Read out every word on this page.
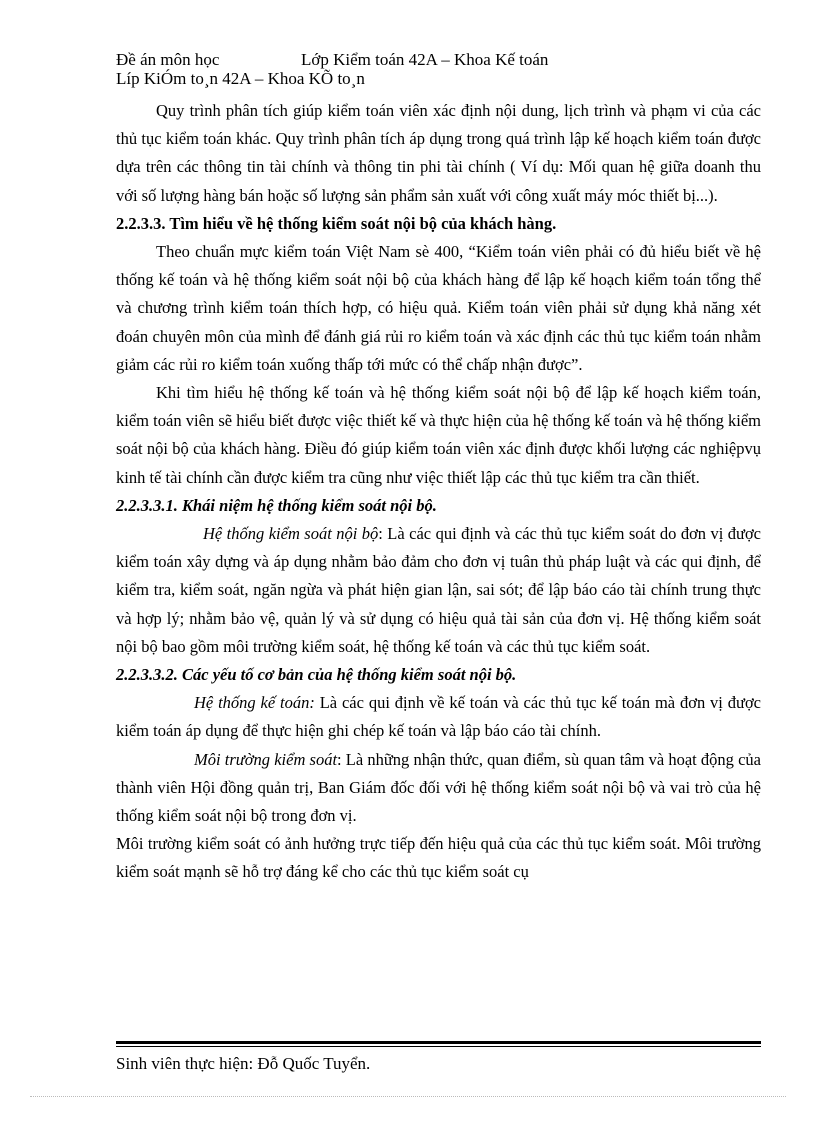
Đề án môn học	Lớp Kiểm toán 42A – Khoa Kế toán
Líp KiÓm to¸n 42A – Khoa KÕ to¸n

Quy trình phân tích giúp kiểm toán viên xác định nội dung, lịch trình và phạm vi của các thủ tục kiểm toán khác. Quy trình phân tích áp dụng trong quá trình lập kế hoạch kiểm toán được dựa trên các thông tin tài chính và thông tin phi tài chính ( Ví dụ: Mối quan hệ giữa doanh thu với số lượng hàng bán hoặc số lượng sản phẩm sản xuất với công xuất máy móc thiết bị...).

2.2.3.3. Tìm hiểu về hệ thống kiểm soát nội bộ của khách hàng.

Theo chuẩn mực kiểm toán Việt Nam sè 400, “Kiểm toán viên phải có đủ hiểu biết về hệ thống kế toán và hệ thống kiểm soát nội bộ của khách hàng để lập kế hoạch kiểm toán tổng thể và chương trình kiểm toán thích hợp, có hiệu quả. Kiểm toán viên phải sử dụng khả năng xét đoán chuyên môn của mình để đánh giá rủi ro kiểm toán và xác định các thủ tục kiểm toán nhằm giảm các rủi ro kiểm toán xuống thấp tới mức có thể chấp nhận được”.

Khi tìm hiểu hệ thống kế toán và hệ thống kiểm soát nội bộ để lập kế hoạch kiểm toán, kiểm toán viên sẽ hiểu biết được việc thiết kế và thực hiện của hệ thống kế toán và hệ thống kiểm soát nội bộ của khách hàng. Điều đó giúp kiểm toán viên xác định được khối lượng các nghiệpvụ kinh tế tài chính cần được kiểm tra cũng như việc thiết lập các thủ tục kiểm tra cần thiết.

2.2.3.3.1. Khái niệm hệ thống kiểm soát nội bộ.

Hệ thống kiểm soát nội bộ: Là các qui định và các thủ tục kiểm soát do đơn vị được kiểm toán xây dựng và áp dụng nhằm bảo đảm cho đơn vị tuân thủ pháp luật và các qui định, để kiểm tra, kiểm soát, ngăn ngừa và phát hiện gian lận, sai sót; để lập báo cáo tài chính trung thực và hợp lý; nhằm bảo vệ, quản lý và sử dụng có hiệu quả tài sản của đơn vị. Hệ thống kiểm soát nội bộ bao gồm môi trường kiểm soát, hệ thống kế toán và các thủ tục kiểm soát.

2.2.3.3.2. Các yếu tố cơ bản của hệ thống kiểm soát nội bộ.

Hệ thống kế toán: Là các qui định về kế toán và các thủ tục kế toán mà đơn vị được kiểm toán áp dụng để thực hiện ghi chép kế toán và lập báo cáo tài chính.

Môi trường kiểm soát: Là những nhận thức, quan điểm, sù quan tâm và hoạt động của thành viên Hội đồng quản trị, Ban Giám đốc đối với hệ thống kiểm soát nội bộ và vai trò của hệ thống kiểm soát nội bộ trong đơn vị.

Môi trường kiểm soát có ảnh hưởng trực tiếp đến hiệu quả của các thủ tục kiểm soát. Môi trường kiểm soát mạnh sẽ hỗ trợ đáng kể cho các thủ tục kiểm soát cụ

Sinh viên thực hiện: Đỗ Quốc Tuyển.
